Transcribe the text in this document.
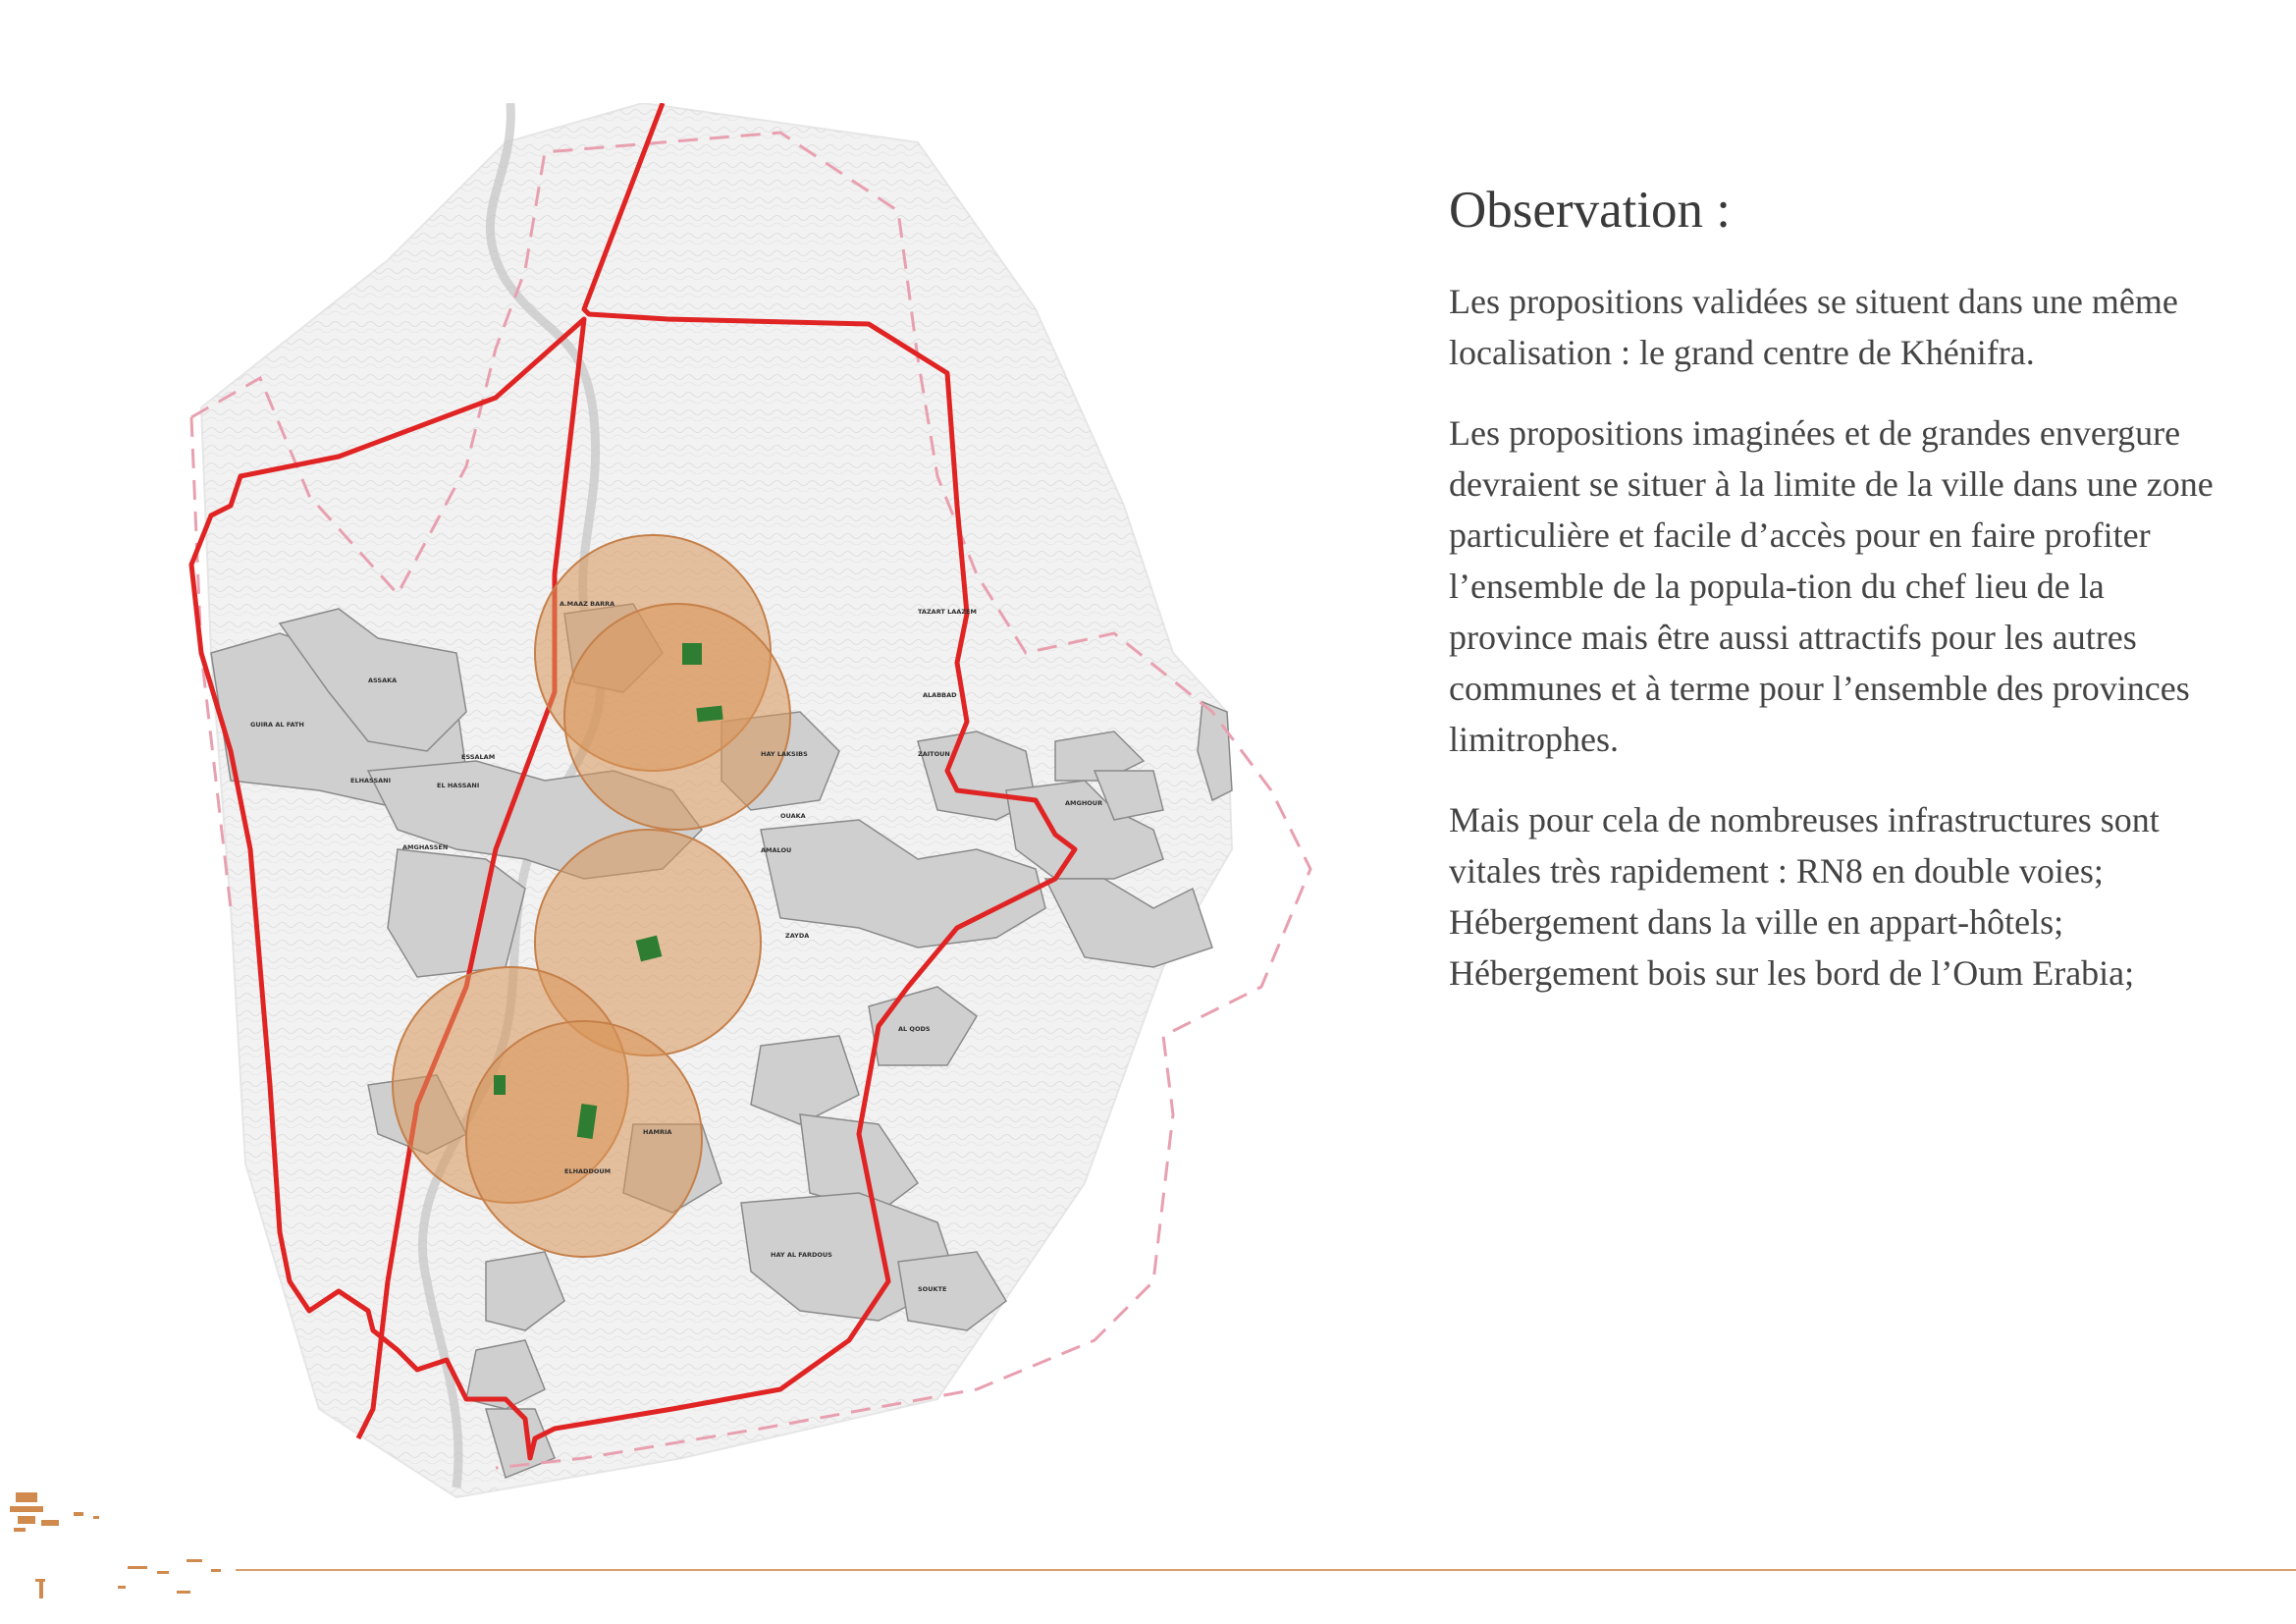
A.MAAZ BARRA
TAZART LAAZEM
ASSAKA
GUIRA AL FATH
ESSALAM
ELHASSANI
EL HASSANI
AMGHASSEN
HAY LAKSIBS
ALABBAD
ZAITOUN
OUAKA
AMALOU
ZAYDA
AMGHOUR
AL QODS
HAY AL FARDOUS
SOUKTE
ELHADDOUM
HAMRIA
Observation :

Les propositions validées se situent dans une même localisation : le grand centre de Khénifra.

Les propositions imaginées et de grandes envergure devraient se situer à la limite de la ville dans une zone particulière et facile d’accès pour en faire profiter l’ensemble de la popula-tion du chef lieu de la province mais être aussi attractifs pour les autres communes et à terme pour l’ensemble des provinces limitrophes.

Mais pour cela de nombreuses infrastructures sont vitales très rapidement : RN8 en double voies;

Hébergement dans la ville en appart-hôtels; Hébergement bois sur les bord de l’Oum Erabia;
